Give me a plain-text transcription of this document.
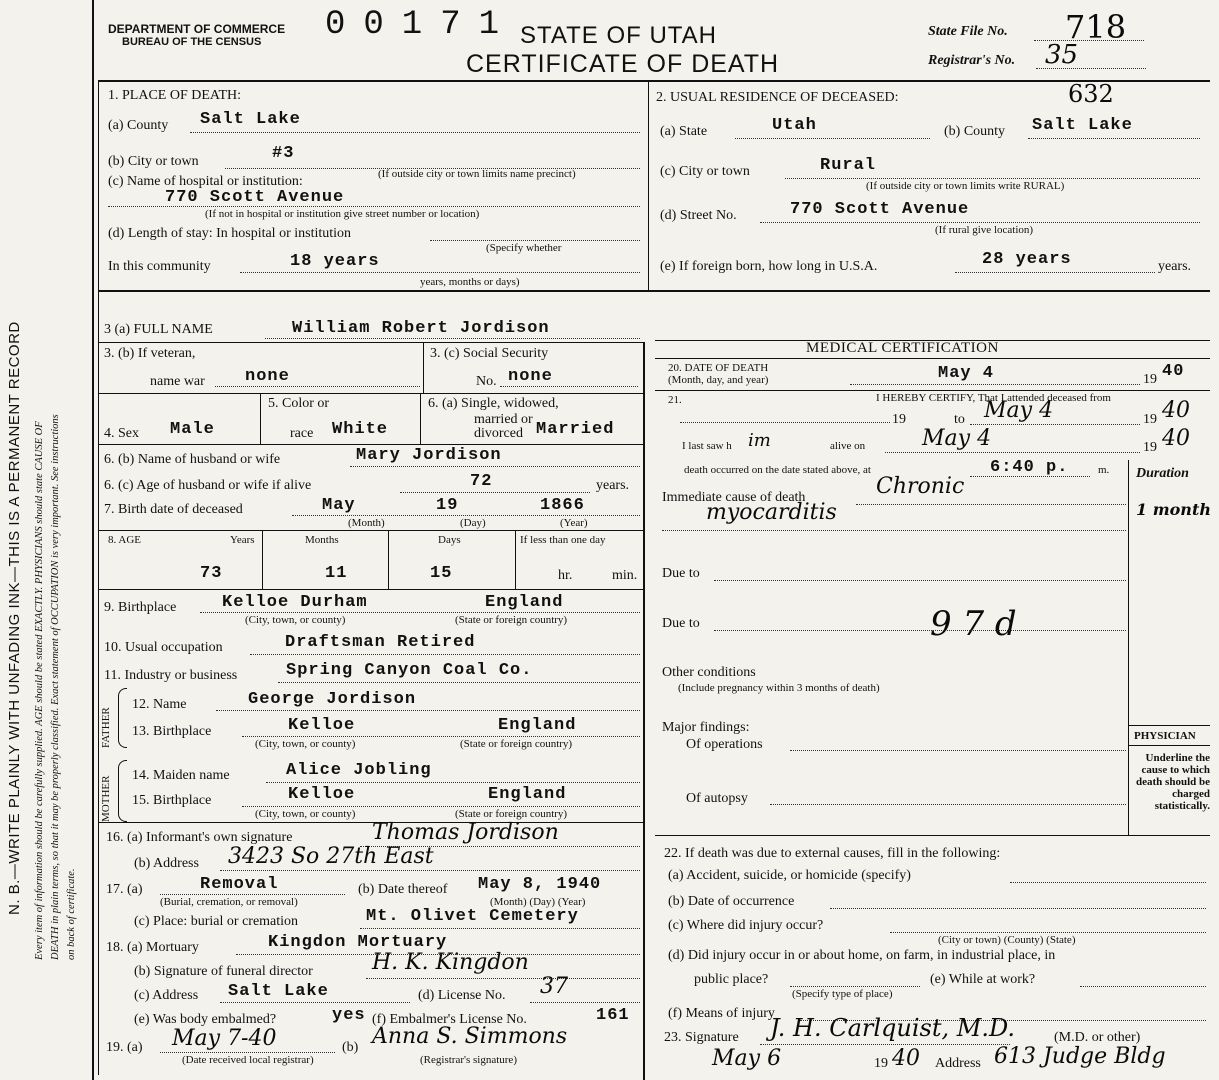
N. B.—WRITE PLAINLY WITH UNFADING INK—THIS IS A PERMANENT RECORD Every item of information should be carefully supplied. AGE should be stated EXACTLY. PHYSICIANS should state CAUSE OF DEATH in plain terms, so that it may be properly classified. Exact statement of OCCUPATION is very important. See instructions on back of certificate.
DEPARTMENT OF COMMERCE
BUREAU OF THE CENSUS 00171 STATE OF UTAH
CERTIFICATE OF DEATH
State File No. 718
Registrar's No. 35
1. PLACE OF DEATH:
(a) County Salt Lake
(b) City or town	#3
(c) Name of hospital or institution:	(If outside city or town limits name precinct)
770 Scott Avenue
(If not in hospital or institution give street number or location)
(d) Length of stay: In hospital or institution
(Specify whether
In this community	18 years
years, months or days)
2. USUAL RESIDENCE OF DECEASED:	632
(a) State	Utah	(b) County Salt Lake
(c) City or town	Rural
(If outside city or town limits write RURAL)
(d) Street No.	770 Scott Avenue
(If rural give location)
(e) If foreign born, how long in U.S.A.	28 years	years.
3 (a) FULL NAME	William Robert Jordison
3. (b) If veteran,
name war none
3. (c) Social Security
No. none
5. Color or
race White
4. Sex Male
6. (a) Single, widowed,
married or
divorced Married
6. (b) Name of husband or wife	Mary Jordison
6. (c) Age of husband or wife if alive	72	years.
7. Birth date of deceased	May	19	1866
(Month)	(Day)	(Year)
8. AGE	Years	Months	Days	If less than one day
73	11	15	hr.	min.
9. Birthplace	Kelloe Durham	England
(City, town, or county)	(State or foreign country)
10. Usual occupation	Draftsman Retired
11. Industry or business	Spring Canyon Coal Co.
FATHER
12. Name	George Jordison
13. Birthplace	Kelloe	England
(City, town, or county)	(State or foreign country)
MOTHER
14. Maiden name	Alice Jobling
15. Birthplace	Kelloe	England
(City, town, or county)	(State or foreign country)
16. (a) Informant's own signature	Thomas Jordison
(b) Address 3423 So 27th East
17. (a)	Removal
(Burial, cremation, or removal)
(b) Date thereof May 8, 1940
(Month) (Day) (Year)
(c) Place: burial or cremation	Mt. Olivet Cemetery
18. (a) Mortuary	Kingdon Mortuary
(b) Signature of funeral director	H. K. Kingdon
(c) Address Salt Lake	(d) License No. 37
(e) Was body embalmed?	yes (f) Embalmer's License No.	161
19. (a) May 7-40
(Date received local registrar)
(b) Anna S. Simmons
(Registrar's signature)
MEDICAL CERTIFICATION
20. DATE OF DEATH
(Month, day, and year)	May 4	19 40
21.	I HEREBY CERTIFY, That I attended deceased from
19	to May 4	19 40
I last saw h im	alive on	May 4	19 40
death occurred on the date stated above, at	6:40 p.	m. Duration
Immediate cause of death	Chronic
myocarditis	1 month
Due to
Due to	9 7 d
Other conditions
(Include pregnancy within 3 months of death)
Major findings:
Of operations
Of autopsy
PHYSICIAN
Underline the cause to which death should be charged statistically.
22. If death was due to external causes, fill in the following:
(a) Accident, suicide, or homicide (specify)
(b) Date of occurrence
(c) Where did injury occur?
(City or town) (County) (State)
(d) Did injury occur in or about home, on farm, in industrial place, in
public place?
(Specify type of place)
(e) While at work?
(f) Means of injury
23. Signature J. H. Carlquist, M.D.	(M.D. or other)
May 6	19 40 Address 613 Judge Bldg
